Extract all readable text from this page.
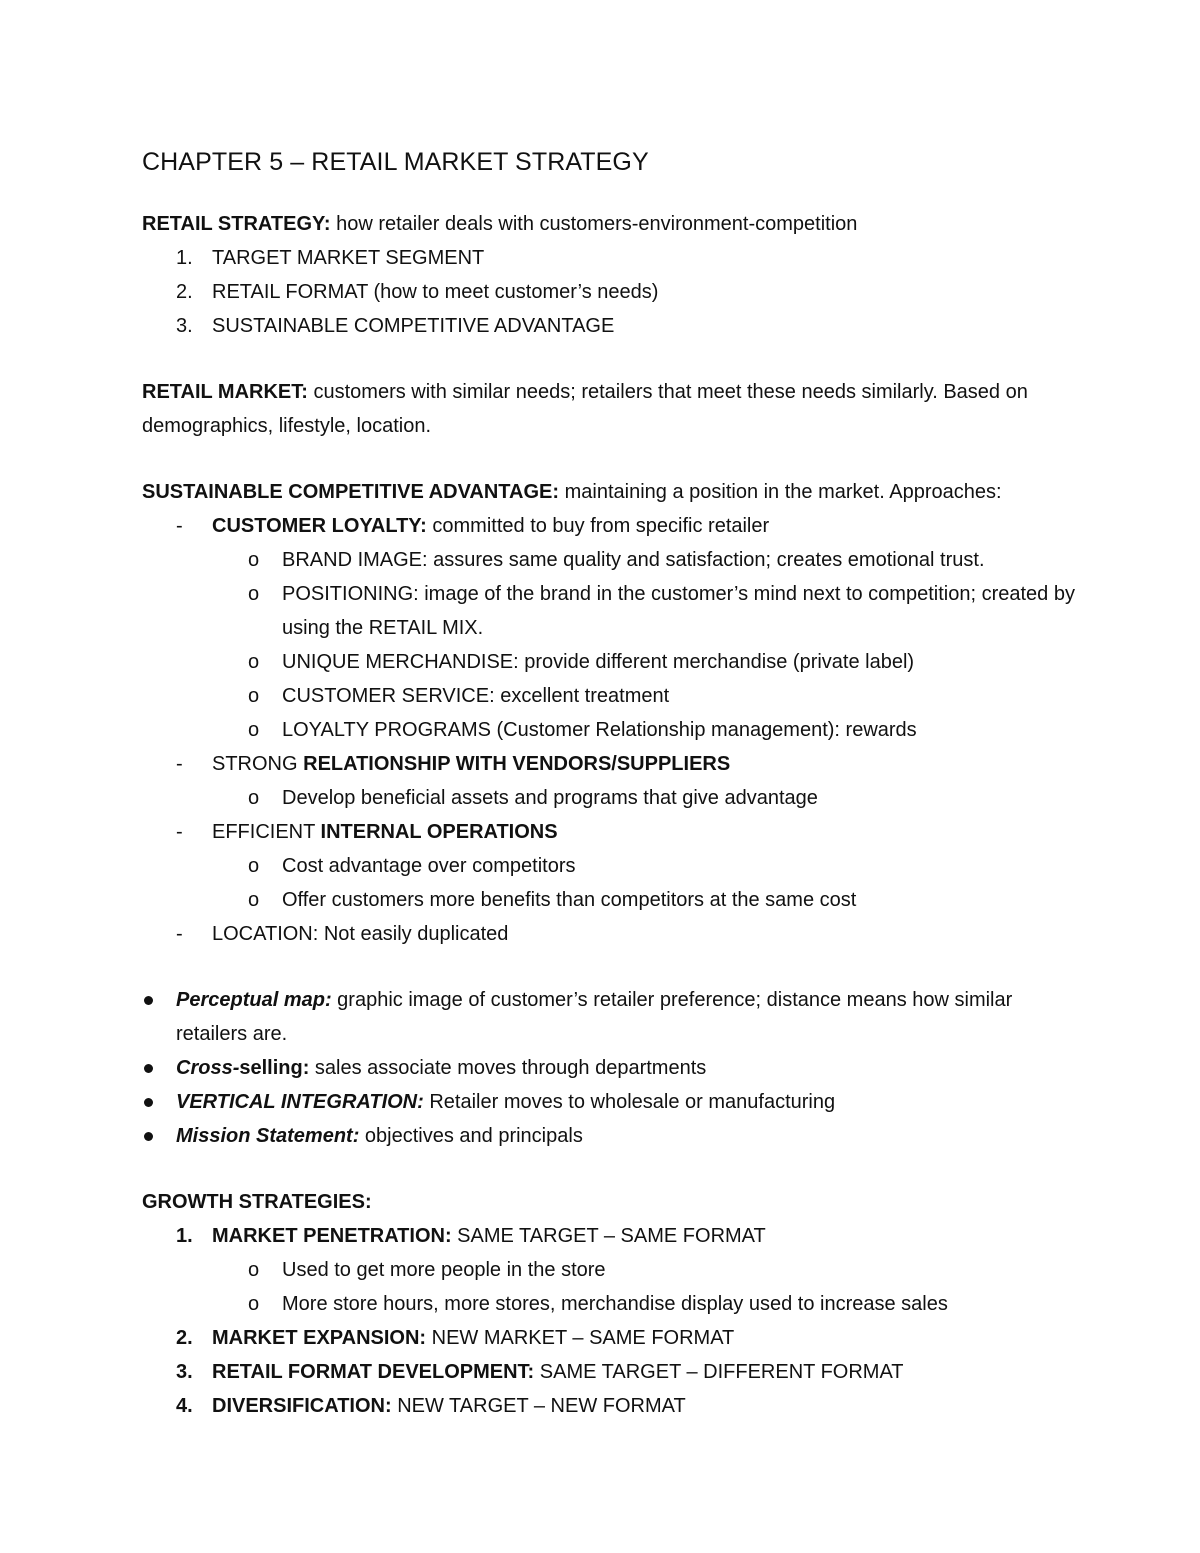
CHAPTER 5 – RETAIL MARKET STRATEGY

RETAIL STRATEGY: how retailer deals with customers-environment-competition

1. TARGET MARKET SEGMENT
2. RETAIL FORMAT (how to meet customer’s needs)
3. SUSTAINABLE COMPETITIVE ADVANTAGE

RETAIL MARKET: customers with similar needs; retailers that meet these needs similarly. Based on demographics, lifestyle, location.

SUSTAINABLE COMPETITIVE ADVANTAGE: maintaining a position in the market. Approaches:

- CUSTOMER LOYALTY: committed to buy from specific retailer
o BRAND IMAGE: assures same quality and satisfaction; creates emotional trust.
o POSITIONING: image of the brand in the customer’s mind next to competition; created by using the RETAIL MIX.
o UNIQUE MERCHANDISE: provide different merchandise (private label)
o CUSTOMER SERVICE: excellent treatment
o LOYALTY PROGRAMS (Customer Relationship management): rewards
- STRONG RELATIONSHIP WITH VENDORS/SUPPLIERS
o Develop beneficial assets and programs that give advantage
- EFFICIENT INTERNAL OPERATIONS
o Cost advantage over competitors
o Offer customers more benefits than competitors at the same cost
- LOCATION: Not easily duplicated
Perceptual map: graphic image of customer’s retailer preference; distance means how similar retailers are.
Cross-selling: sales associate moves through departments
VERTICAL INTEGRATION: Retailer moves to wholesale or manufacturing
Mission Statement: objectives and principals

GROWTH STRATEGIES:

1. MARKET PENETRATION: SAME TARGET – SAME FORMAT
o Used to get more people in the store
o More store hours, more stores, merchandise display used to increase sales
2. MARKET EXPANSION: NEW MARKET – SAME FORMAT
3. RETAIL FORMAT DEVELOPMENT: SAME TARGET – DIFFERENT FORMAT
4. DIVERSIFICATION: NEW TARGET – NEW FORMAT
